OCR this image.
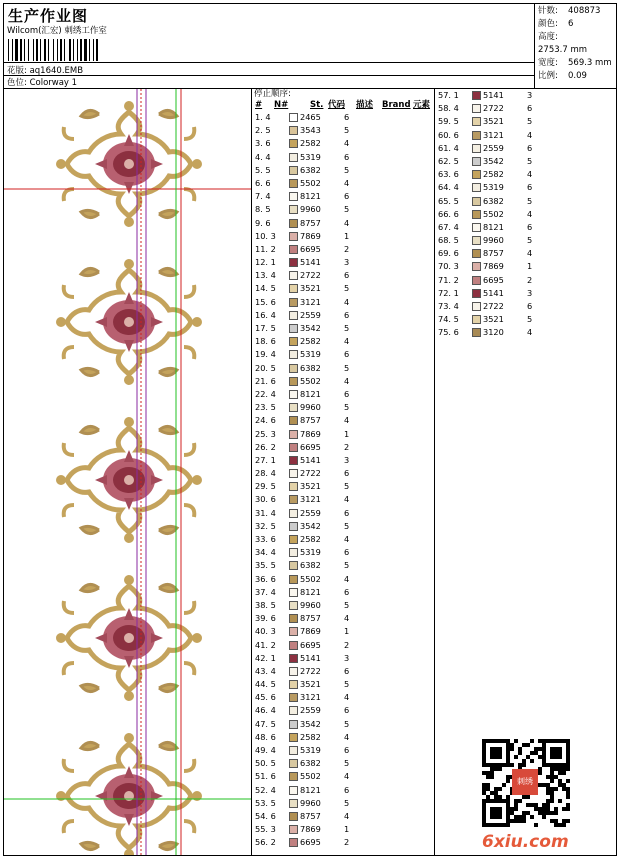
生产作业图
Wilcom(汇宏) 刺绣工作室
花版: aq1640.EMB
色位: Colorway 1
针数: 408873
颜色: 6
高度:2753.7 mm
宽度: 569.3 mm
比例: 0.09
停止顺序:
# N#	St. 代码 描述 Brand 元素
1. 4	2465	6
2. 5	3543	5
3. 6	2582	4
4. 4	5319	6
5. 5	6382	5
6. 6	5502	4
7. 4	8121	6
8. 5	9960	5
9. 6	8757	4
10. 3	7869	1
11. 2	6695	2
12. 1	5141	3
13. 4	2722	6
14. 5	3521	5
15. 6	3121	4
16. 4	2559	6
17. 5	3542	5
18. 6	2582	4
19. 4	5319	6
20. 5	6382	5
21. 6	5502	4
22. 4	8121	6
23. 5	9960	5
24. 6	8757	4
25. 3	7869	1
26. 2	6695	2
27. 1	5141	3
28. 4	2722	6
29. 5	3521	5
30. 6	3121	4
31. 4	2559	6
32. 5	3542	5
33. 6	2582	4
34. 4	5319	6
35. 5	6382	5
36. 6	5502	4
37. 4	8121	6
38. 5	9960	5
39. 6	8757	4
40. 3	7869	1
41. 2	6695	2
42. 1	5141	3
43. 4	2722	6
44. 5	3521	5
45. 6	3121	4
46. 4	2559	6
47. 5	3542	5
48. 6	2582	4
49. 4	5319	6
50. 5	6382	5
51. 6	5502	4
52. 4	8121	6
53. 5	9960	5
54. 6	8757	4
55. 3	7869	1
56. 2	6695	2
57. 1	5141	3
58. 4	2722	6
59. 5	3521	5
60. 6	3121	4
61. 4	2559	6
62. 5	3542	5
63. 6	2582	4
64. 4	5319	6
65. 5	6382	5
66. 6	5502	4
67. 4	8121	6
68. 5	9960	5
69. 6	8757	4
70. 3	7869	1
71. 2	6695	2
72. 1	5141	3
73. 4	2722	6
74. 5	3521	5
75. 6	3120	4
刺绣
6xiu.com
